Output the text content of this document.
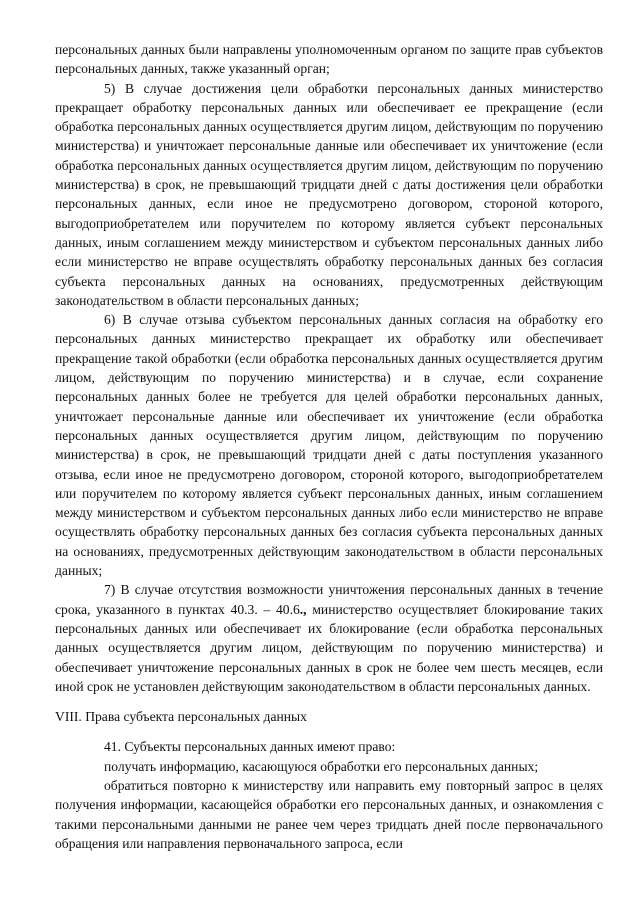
персональных данных были направлены уполномоченным органом по защите прав субъектов персональных данных, также указанный орган;

5) В случае достижения цели обработки персональных данных министерство прекращает обработку персональных данных или обеспечивает ее прекращение (если обработка персональных данных осуществляется другим лицом, действующим по поручению министерства) и уничтожает персональные данные или обеспечивает их уничтожение (если обработка персональных данных осуществляется другим лицом, действующим по поручению министерства) в срок, не превышающий тридцати дней с даты достижения цели обработки персональных данных, если иное не предусмотрено договором, стороной которого, выгодоприобретателем или поручителем по которому является субъект персональных данных, иным соглашением между министерством и субъектом персональных данных либо если министерство не вправе осуществлять обработку персональных данных без согласия субъекта персональных данных на основаниях, предусмотренных действующим законодательством в области персональных данных;

6) В случае отзыва субъектом персональных данных согласия на обработку его персональных данных министерство прекращает их обработку или обеспечивает прекращение такой обработки (если обработка персональных данных осуществляется другим лицом, действующим по поручению министерства) и в случае, если сохранение персональных данных более не требуется для целей обработки персональных данных, уничтожает персональные данные или обеспечивает их уничтожение (если обработка персональных данных осуществляется другим лицом, действующим по поручению министерства) в срок, не превышающий тридцати дней с даты поступления указанного отзыва, если иное не предусмотрено договором, стороной которого, выгодоприобретателем или поручителем по которому является субъект персональных данных, иным соглашением между министерством и субъектом персональных данных либо если министерство не вправе осуществлять обработку персональных данных без согласия субъекта персональных данных на основаниях, предусмотренных действующим законодательством в области персональных данных;

7) В случае отсутствия возможности уничтожения персональных данных в течение срока, указанного в пунктах 40.3. – 40.6., министерство осуществляет блокирование таких персональных данных или обеспечивает их блокирование (если обработка персональных данных осуществляется другим лицом, действующим по поручению министерства) и обеспечивает уничтожение персональных данных в срок не более чем шесть месяцев, если иной срок не установлен действующим законодательством в области персональных данных.

VIII. Права субъекта персональных данных

41. Субъекты персональных данных имеют право:

получать информацию, касающуюся обработки его персональных данных;

обратиться повторно к министерству или направить ему повторный запрос в целях получения информации, касающейся обработки его персональных данных, и ознакомления с такими персональными данными не ранее чем через тридцать дней после первоначального обращения или направления первоначального запроса, если
